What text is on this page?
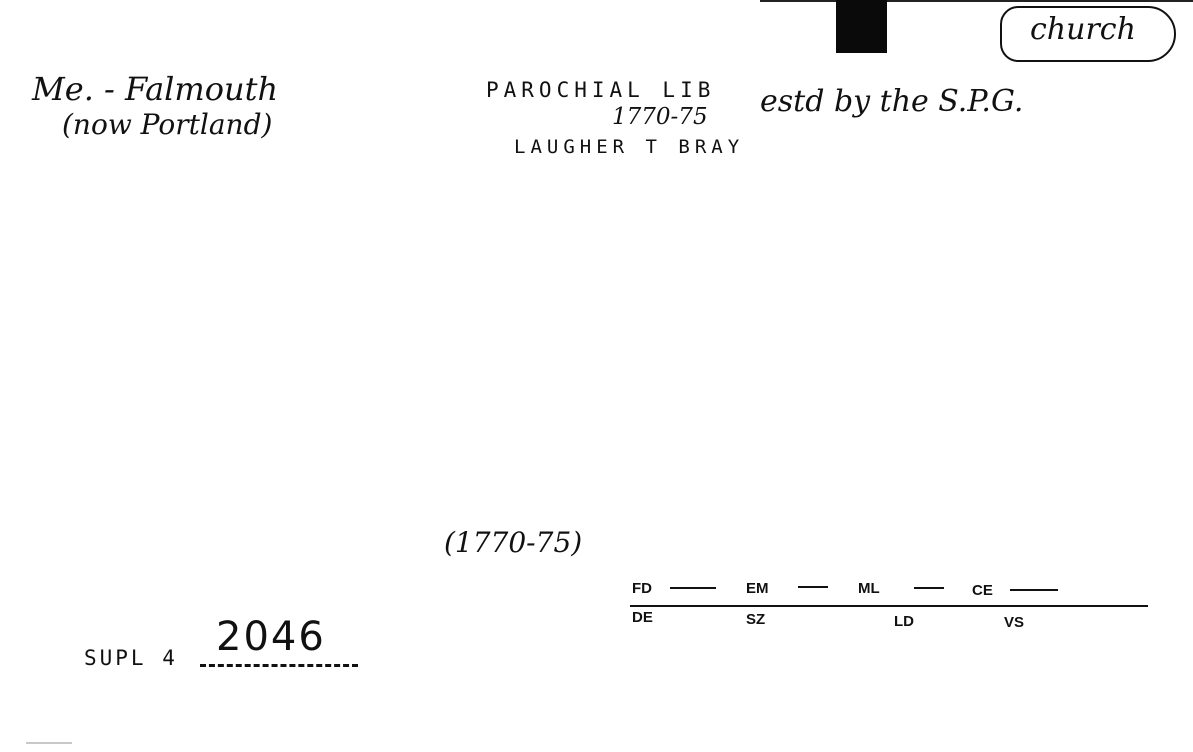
church
Me. - Falmouth
(now Portland)
PAROCHIAL LIB
1770-75 estd by the S.P.G.
LAUGHER T BRAY
(1770-75)
FD	EM	ML	CE
DE	SZ	LD	VS
SUPL 4 2046
